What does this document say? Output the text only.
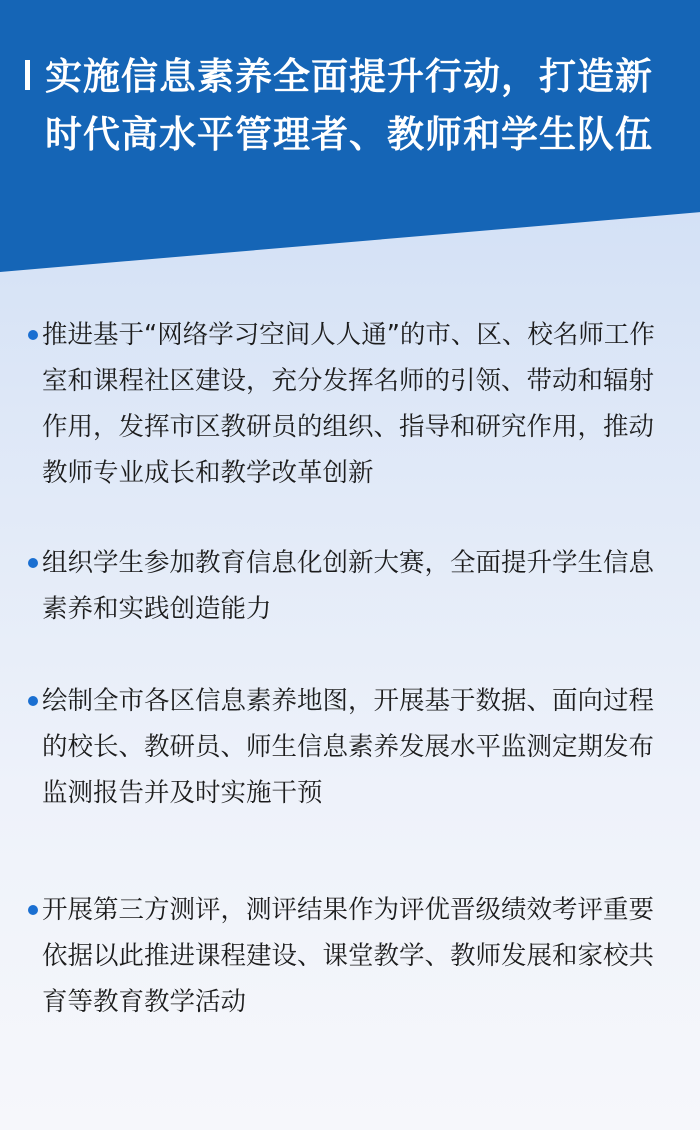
实施信息素养全面提升行动，打造新时代高水平管理者、教师和学生队伍
推进基于“网络学习空间人人通”的市、区、校名师工作室和课程社区建设，充分发挥名师的引领、带动和辐射作用，发挥市区教研员的组织、指导和研究作用，推动教师专业成长和教学改革创新
组织学生参加教育信息化创新大赛，全面提升学生信息素养和实践创造能力
绘制全市各区信息素养地图，开展基于数据、面向过程的校长、教研员、师生信息素养发展水平监测定期发布监测报告并及时实施干预
开展第三方测评，测评结果作为评优晋级绩效考评重要依据以此推进课程建设、课堂教学、教师发展和家校共育等教育教学活动
